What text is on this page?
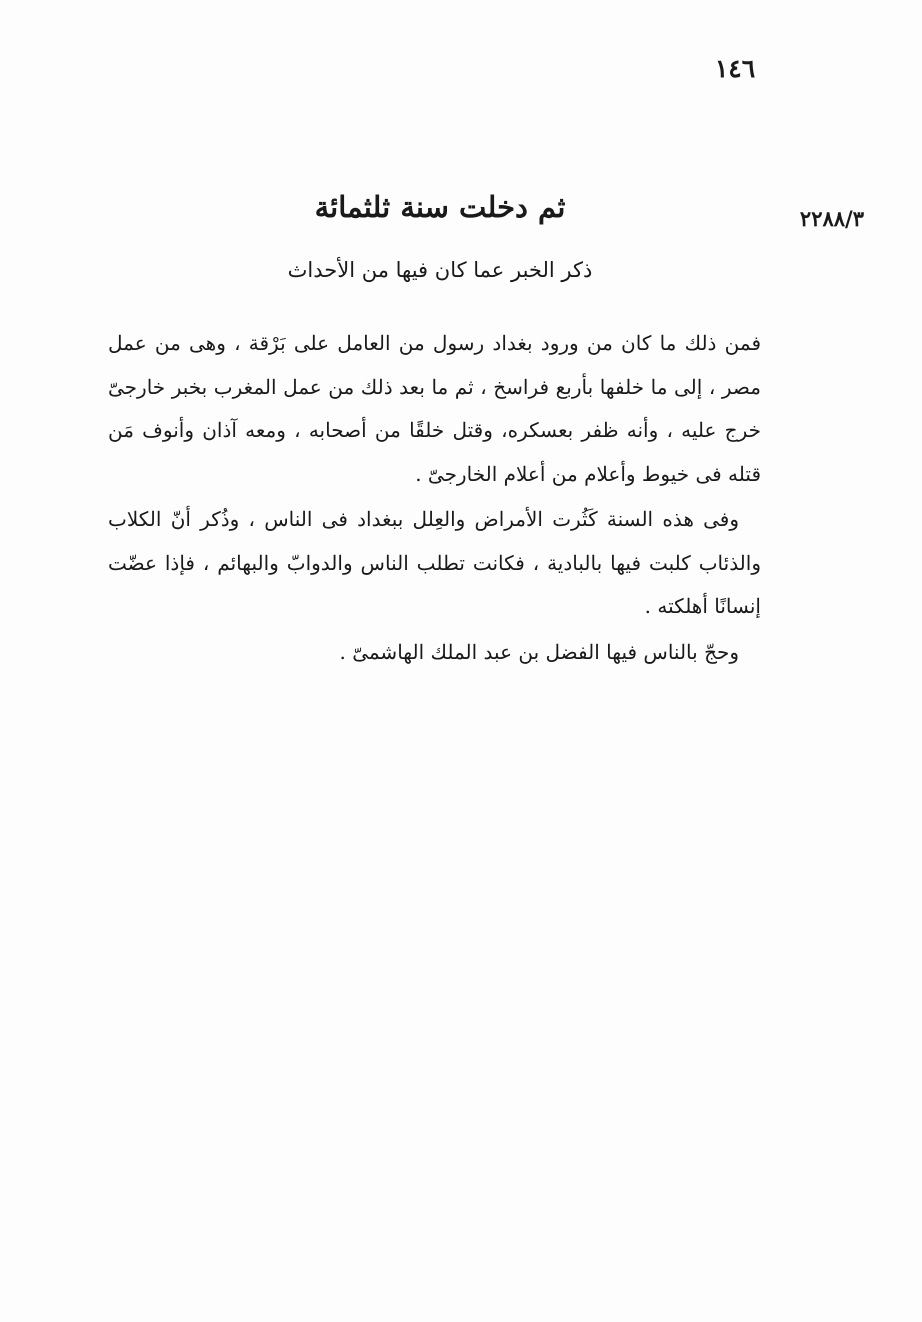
١٤٦
٢٢٨٨/٣
ثم دخلت سنة ثلثمائة
ذكر الخبر عما كان فيها من الأحداث

فمن ذلك ما كان من ورود بغداد رسول من العامل على بَرْقة ، وهى من عمل مصر ، إلى ما خلفها بأربع فراسخ ، ثم ما بعد ذلك من عمل المغرب بخبر خارجىّ خرج عليه ، وأنه ظفر بعسكره، وقتل خلقًا من أصحابه ، ومعه آذان وأنوف مَن قتله فى خيوط وأعلام من أعلام الخارجىّ .

وفى هذه السنة كَثُرت الأمراض والعِلل ببغداد فى الناس ، وذُكر أنّ الكلاب والذئاب كلبت فيها بالبادية ، فكانت تطلب الناس والدوابّ والبهائم ، فإذا عضّت إنسانًا أهلكته .

وحجّ بالناس فيها الفضل بن عبد الملك الهاشمىّ .
